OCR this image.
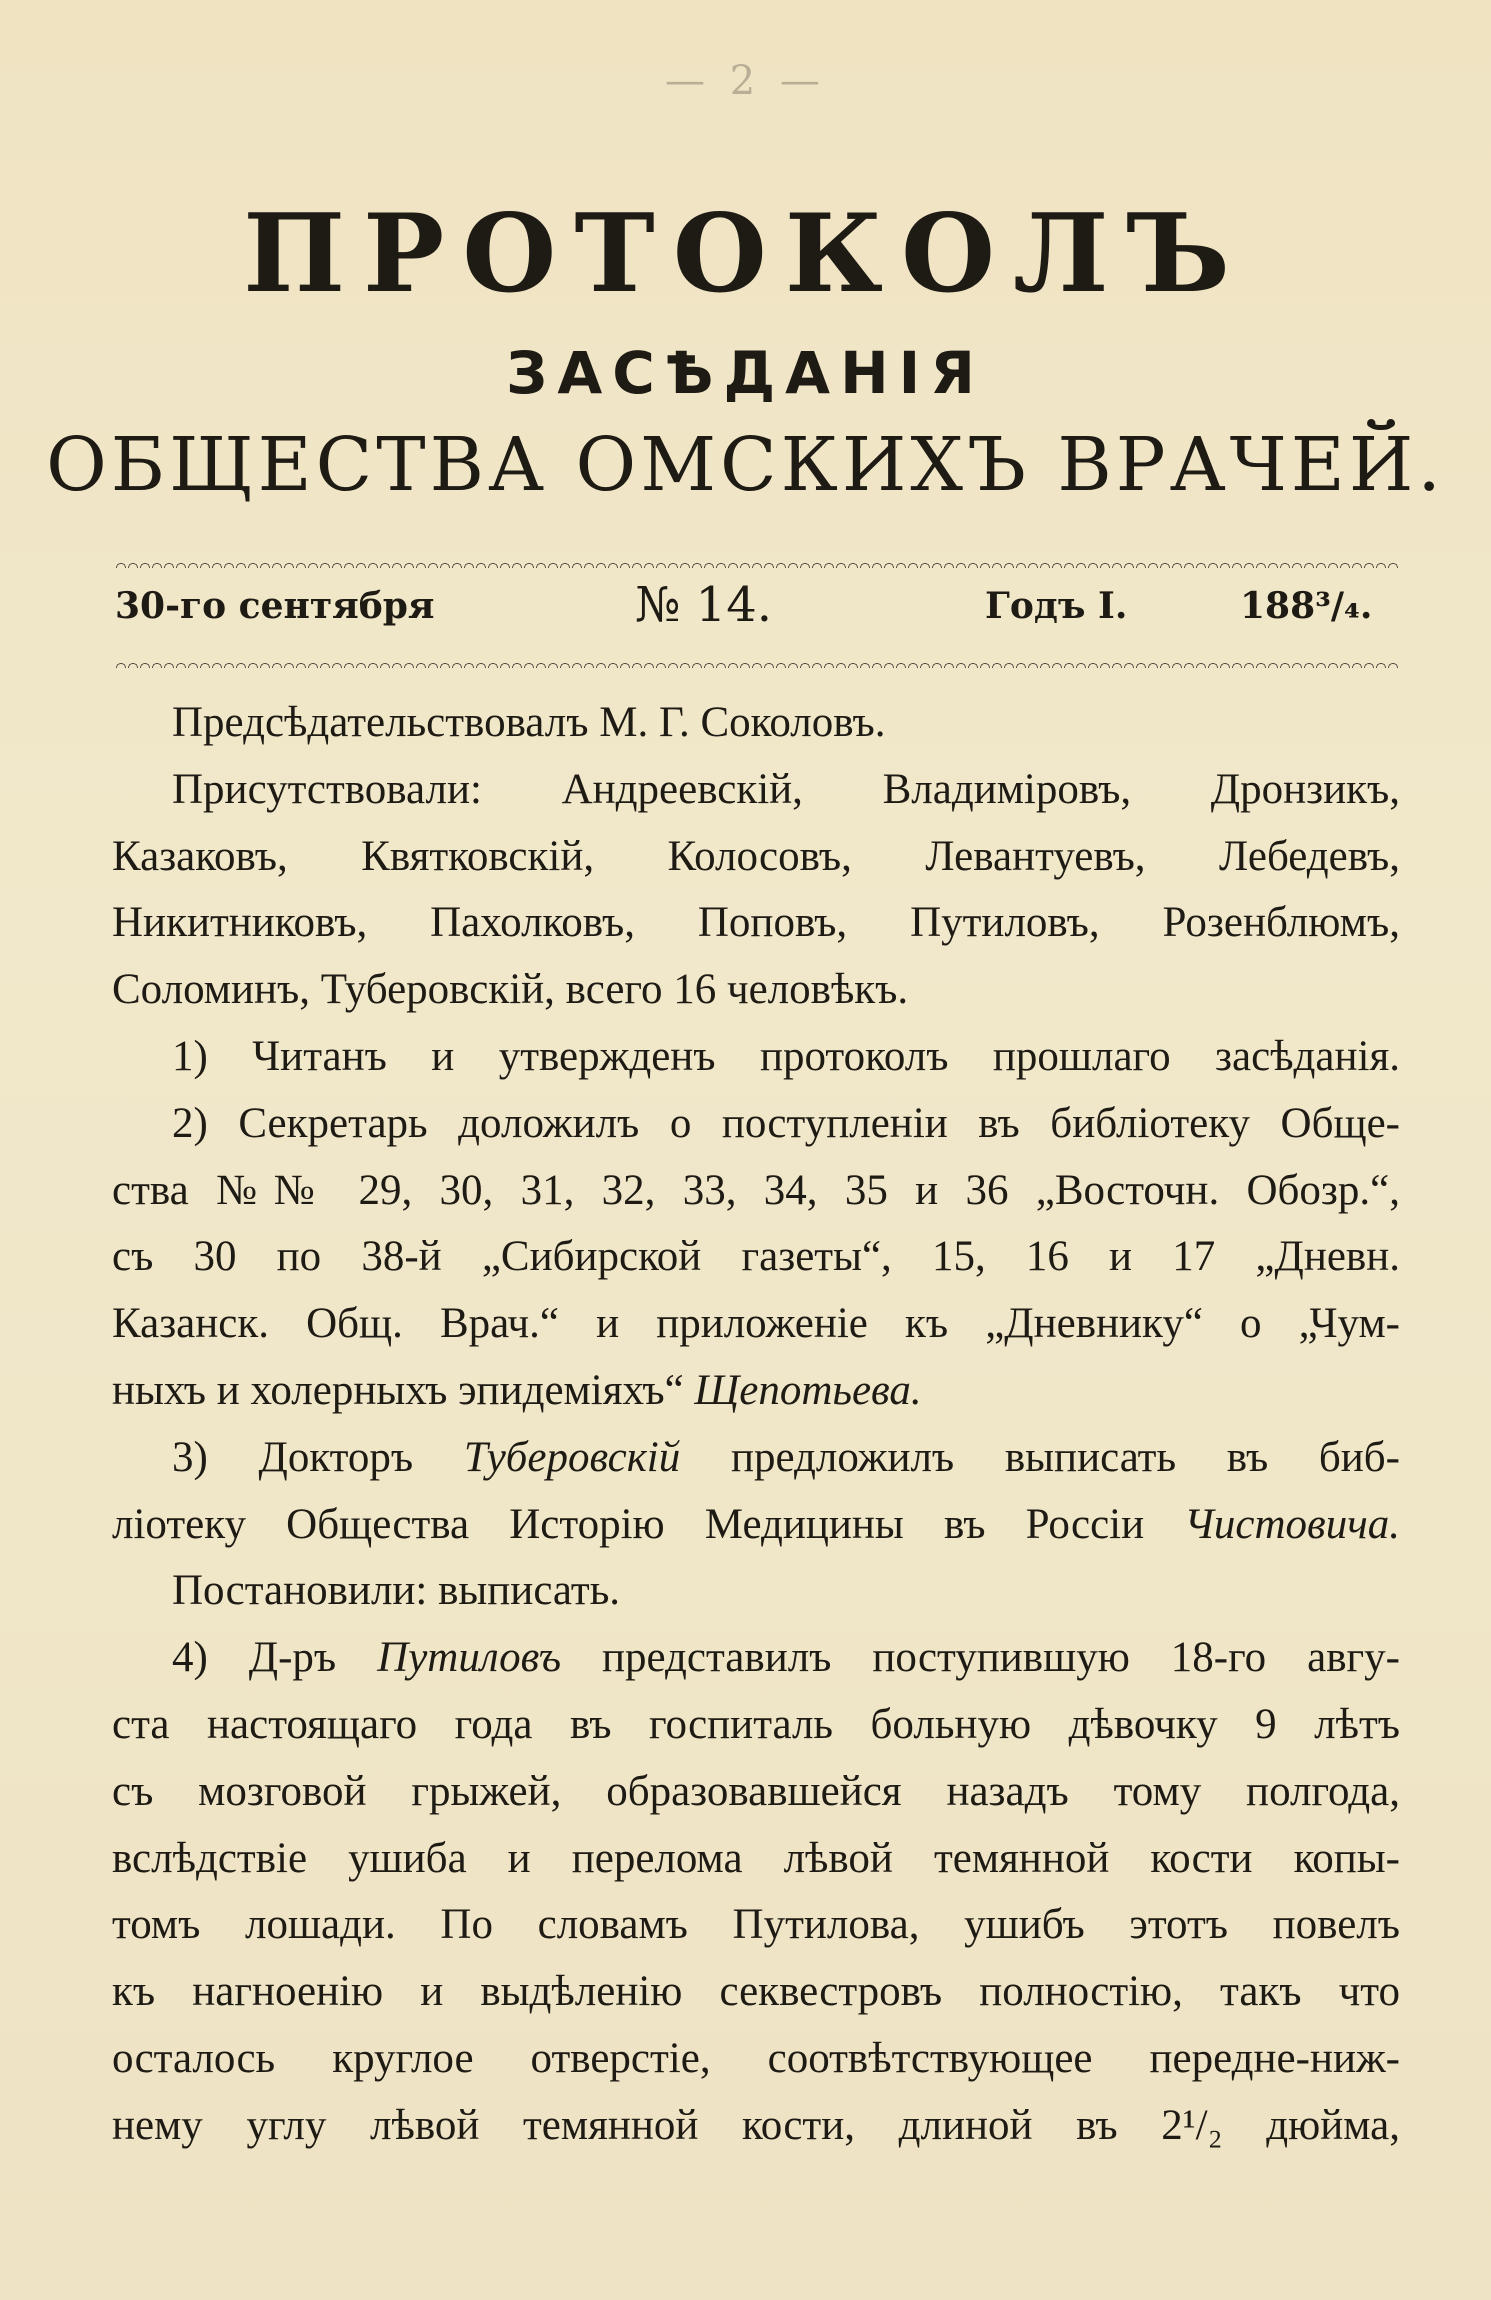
— 2 —
ПРОТОКОЛЪ
ЗАСѢДАНІЯ
ОБЩЕСТВА ОМСКИХЪ ВРАЧЕЙ.
30-го сентября	№ 14.	Годъ I.	188³/₄.
Предсѣдательствовалъ М. Г. Соколовъ.
Присутствовали: Андреевскій, Владиміровъ, Дронзикъ,
Казаковъ, Квятковскій, Колосовъ, Левантуевъ, Лебедевъ,
Никитниковъ, Пахолковъ, Поповъ, Путиловъ, Розенблюмъ,
Соломинъ, Туберовскій, всего 16 человѣкъ.
1) Читанъ и утвержденъ протоколъ прошлаго засѣданія.
2) Секретарь доложилъ о поступленіи въ библіотеку Обще-
ства №№ 29, 30, 31, 32, 33, 34, 35 и 36 „Восточн. Обозр.“,
съ 30 по 38-й „Сибирской газеты“, 15, 16 и 17 „Дневн.
Казанск. Общ. Врач.“ и приложеніе къ „Дневнику“ о „Чум-
ныхъ и холерныхъ эпидеміяхъ“ Щепотьева.
3) Докторъ Туберовскій предложилъ выписать въ биб-
ліотеку Общества Исторію Медицины въ Россіи Чистовича.
Постановили: выписать.
4) Д-ръ Путиловъ представилъ поступившую 18-го авгу-
ста настоящаго года въ госпиталь больную дѣвочку 9 лѣтъ
съ мозговой грыжей, образовавшейся назадъ тому полгода,
вслѣдствіе ушиба и перелома лѣвой темянной кости копы-
томъ лошади. По словамъ Путилова, ушибъ этотъ повелъ
къ нагноенію и выдѣленію секвестровъ полностію, такъ что
осталось круглое отверстіе, соотвѣтствующее передне-ниж-
нему углу лѣвой темянной кости, длиной въ 2¹/₂ дюйма,
